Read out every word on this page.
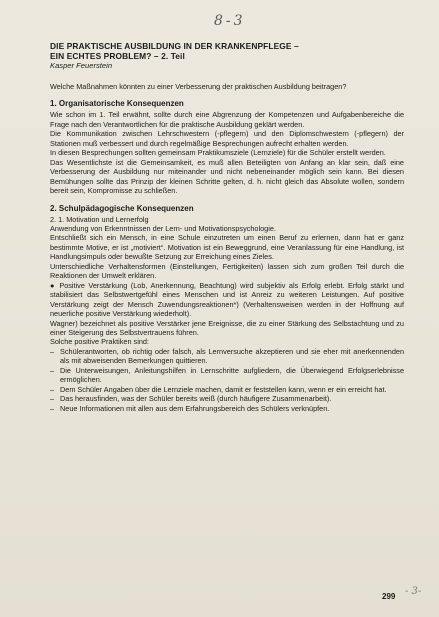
8-3

DIE PRAKTISCHE AUSBILDUNG IN DER KRANKENPFLEGE –

EIN ECHTES PROBLEM? – 2. Teil

Kasper Feuerstein

Welche Maßnahmen könnten zu einer Verbesserung der praktischen Ausbildung beitragen?

1. Organisatorische Konsequenzen

Wie schon im 1. Teil erwähnt, sollte durch eine Abgrenzung der Kompetenzen und Aufgabenbereiche die Frage nach den Verantwortlichen für die praktische Ausbildung geklärt werden.

Die Kommunikation zwischen Lehrschwestern (-pflegern) und den Diplomschwestern (-pflegern) der Stationen muß verbessert und durch regelmäßige Besprechungen aufrecht erhalten werden.

In diesen Besprechungen sollten gemeinsam Praktikumsziele (Lernziele) für die Schüler erstellt werden.

Das Wesentlichste ist die Gemeinsamkeit, es muß allen Beteiligten von Anfang an klar sein, daß eine Verbesserung der Ausbildung nur miteinander und nicht nebeneinander möglich sein kann. Bei diesen Bemühungen sollte das Prinzip der kleinen Schritte gelten, d. h. nicht gleich das Absolute wollen, sondern bereit sein, Kompromisse zu schließen.

2. Schulpädagogische Konsequenzen

2. 1. Motivation und Lernerfolg

Anwendung von Erkenntnissen der Lern- und Motivationspsychologie.

Entschließt sich ein Mensch, in eine Schule einzutreten um einen Beruf zu erlernen, dann hat er ganz bestimmte Motive, er ist „motiviert“. Motivation ist ein Beweggrund, eine Veranlassung für eine Handlung, ist Handlungsimpuls oder bewußte Setzung zur Erreichung eines Zieles.

Unterschiedliche Verhaltensformen (Einstellungen, Fertigkeiten) lassen sich zum großen Teil durch die Reaktionen der Umwelt erklären.

● Positive Verstärkung (Lob, Anerkennung, Beachtung) wird subjektiv als Erfolg erlebt. Erfolg stärkt und stabilisiert das Selbstwertgefühl eines Menschen und ist Anreiz zu weiteren Leistungen. Auf positive Verstärkung zeigt der Mensch Zuwendungsreaktionen*) (Verhaltensweisen werden in der Hoffnung auf neuerliche positive Verstärkung wiederholt).

Wagner) bezeichnet als positive Verstärker jene Ereignisse, die zu einer Stärkung des Selbstachtung und zu einer Steigerung des Selbstvertrauens führen.

Solche positive Praktiken sind:

– Schülerantworten, ob richtig oder falsch, als Lernversuche akzeptieren und sie eher mit anerkennenden als mit abweisenden Bemerkungen quittieren.
– Die Unterweisungen, Anleitungshilfen in Lernschritte aufgliedern, die Überwiegend Erfolgserlebnisse ermöglichen.
– Dem Schüler Angaben über die Lernziele machen, damit er feststellen kann, wenn er ein erreicht hat.
– Das herausfinden, was der Schüler bereits weiß (durch häufigere Zusammenarbeit).
– Neue Informationen mit allen aus dem Erfahrungsbereich des Schülers verknüpfen.
299 - 3-
